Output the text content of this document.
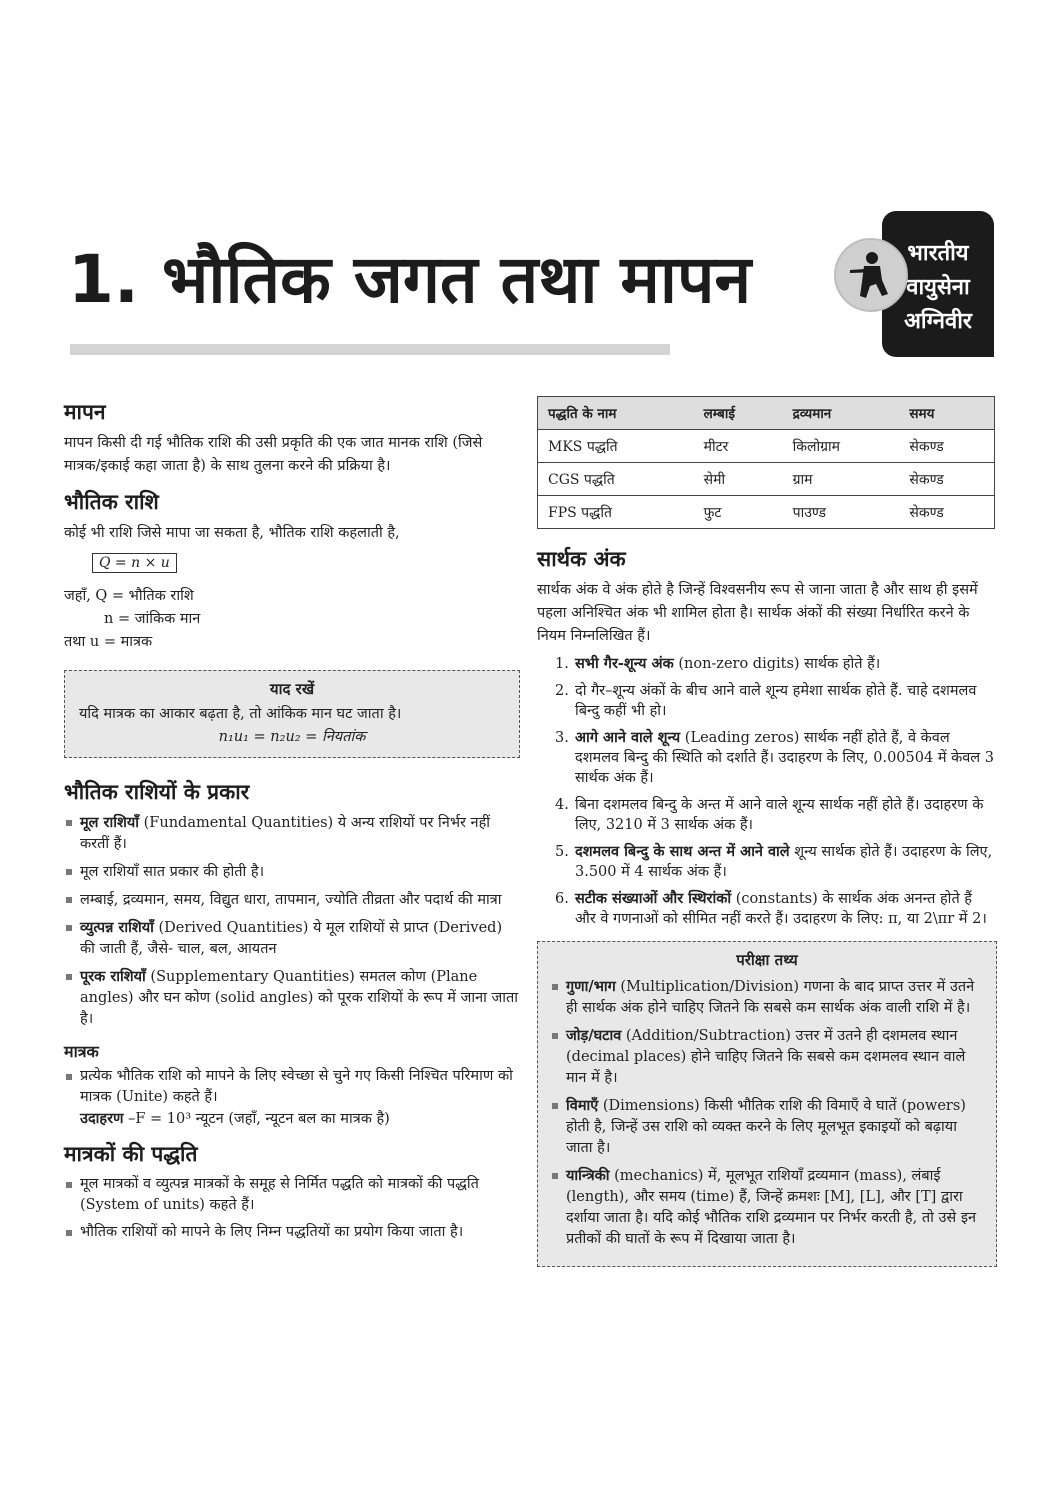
1. भौतिक जगत तथा मापन	भारतीय
वायुसेना
अग्निवीर
मापन

मापन किसी दी गई भौतिक राशि की उसी प्रकृति की एक जात मानक राशि (जिसे मात्रक/इकाई कहा जाता है) के साथ तुलना करने की प्रक्रिया है।

भौतिक राशि

कोई भी राशि जिसे मापा जा सकता है, भौतिक राशि कहलाती है,

Q = n × u
जहाँ, Q = भौतिक राशि
n = जांकिक मान
तथा u = मात्रक
याद रखें

यदि मात्रक का आकार बढ़ता है, तो आंकिक मान घट जाता है।

n₁u₁ = n₂u₂ = नियतांक

भौतिक राशियों के प्रकार
मूल राशियाँ (Fundamental Quantities) ये अन्य राशियों पर निर्भर नहीं करतीं हैं।
मूल राशियाँ सात प्रकार की होती है।
लम्बाई, द्रव्यमान, समय, विद्युत धारा, तापमान, ज्योति तीव्रता और पदार्थ की मात्रा
व्युत्पन्न राशियाँ (Derived Quantities) ये मूल राशियों से प्राप्त (Derived) की जाती हैं, जैसे- चाल, बल, आयतन
पूरक राशियाँ (Supplementary Quantities) समतल कोण (Plane angles) और घन कोण (solid angles) को पूरक राशियों के रूप में जाना जाता है।
मात्रक
प्रत्येक भौतिक राशि को मापने के लिए स्वेच्छा से चुने गए किसी निश्चित परिमाण को मात्रक (Unite) कहते हैं।
उदाहरण –F = 10³ न्यूटन (जहाँ, न्यूटन बल का मात्रक है)
मात्रकों की पद्धति
मूल मात्रकों व व्युत्पन्न मात्रकों के समूह से निर्मित पद्धति को मात्रकों की पद्धति (System of units) कहते हैं।
भौतिक राशियों को मापने के लिए निम्न पद्धतियों का प्रयोग किया जाता है।
पद्धति के नाम	लम्बाई	द्रव्यमान	समय
MKS पद्धति	मीटर	किलोग्राम	सेकण्ड
CGS पद्धति	सेमी	ग्राम	सेकण्ड
FPS पद्धति	फुट	पाउण्ड	सेकण्ड
सार्थक अंक

सार्थक अंक वे अंक होते है जिन्हें विश्वसनीय रूप से जाना जाता है और साथ ही इसमें पहला अनिश्चित अंक भी शामिल होता है। सार्थक अंकों की संख्या निर्धारित करने के नियम निम्नलिखित हैं।

1. सभी गैर-शून्य अंक (non-zero digits) सार्थक होते हैं।
2. दो गैर–शून्य अंकों के बीच आने वाले शून्य हमेशा सार्थक होते हैं. चाहे दशमलव बिन्दु कहीं भी हो।
3. आगे आने वाले शून्य (Leading zeros) सार्थक नहीं होते हैं, वे केवल दशमलव बिन्दु की स्थिति को दर्शाते हैं। उदाहरण के लिए, 0.00504 में केवल 3 सार्थक अंक हैं।
4. बिना दशमलव बिन्दु के अन्त में आने वाले शून्य सार्थक नहीं होते हैं। उदाहरण के लिए, 3210 में 3 सार्थक अंक हैं।
5. दशमलव बिन्दु के साथ अन्त में आने वाले शून्य सार्थक होते हैं। उदाहरण के लिए, 3.500 में 4 सार्थक अंक हैं।
6. सटीक संख्याओं और स्थिरांकों (constants) के सार्थक अंक अनन्त होते हैं और वे गणनाओं को सीमित नहीं करते हैं। उदाहरण के लिए: π, या 2\πr में 2।
परीक्षा तथ्य
गुणा/भाग (Multiplication/Division) गणना के बाद प्राप्त उत्तर में उतने ही सार्थक अंक होने चाहिए जितने कि सबसे कम सार्थक अंक वाली राशि में है।
जोड़/घटाव (Addition/Subtraction) उत्तर में उतने ही दशमलव स्थान (decimal places) होने चाहिए जितने कि सबसे कम दशमलव स्थान वाले मान में है।
विमाएँ (Dimensions) किसी भौतिक राशि की विमाएँ वे घातें (powers) होती है, जिन्हें उस राशि को व्यक्त करने के लिए मूलभूत इकाइयों को बढ़ाया जाता है।
यान्त्रिकी (mechanics) में, मूलभूत राशियाँ द्रव्यमान (mass), लंबाई (length), और समय (time) हैं, जिन्हें क्रमशः [M], [L], और [T] द्वारा दर्शाया जाता है। यदि कोई भौतिक राशि द्रव्यमान पर निर्भर करती है, तो उसे इन प्रतीकों की घातों के रूप में दिखाया जाता है।
